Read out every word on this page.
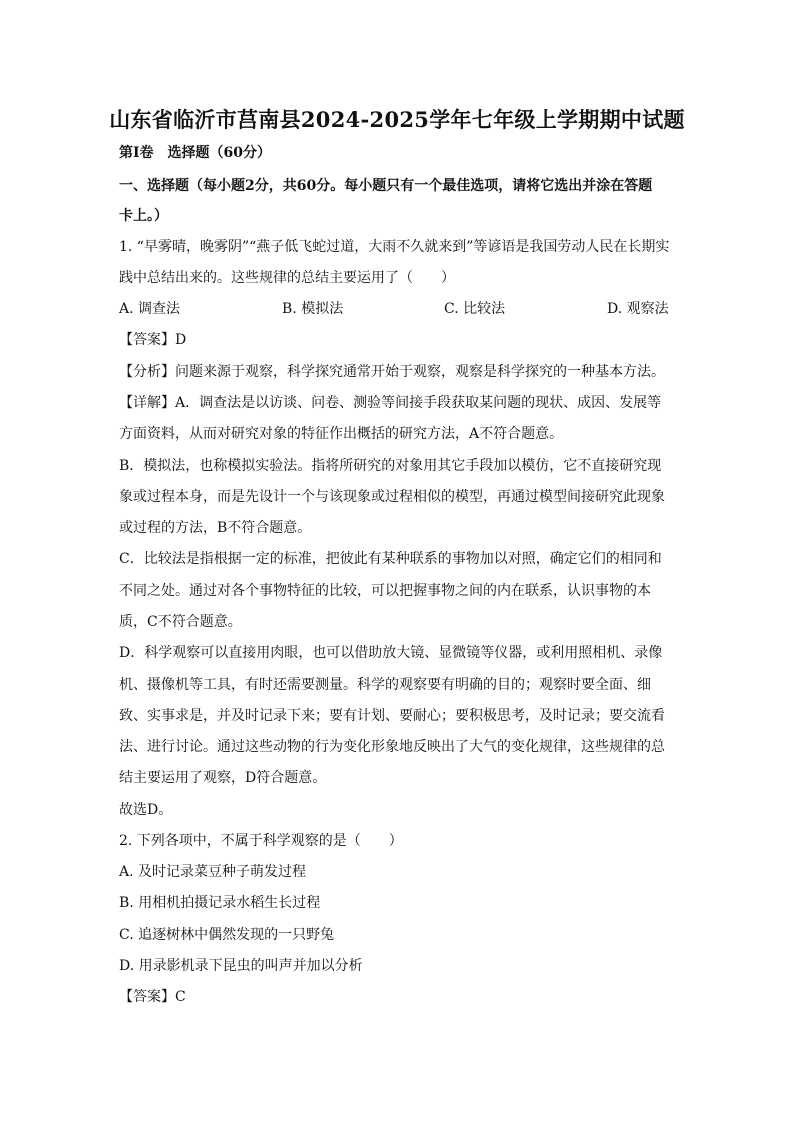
山东省临沂市莒南县2024-2025学年七年级上学期期中试题
第Ⅰ卷　选择题（60分）
一、选择题（每小题2分，共60分。每小题只有一个最佳选项，请将它选出并涂在答题
卡上。）
1. “早雾晴，晚雾阴”“燕子低飞蛇过道，大雨不久就来到”等谚语是我国劳动人民在长期实
践中总结出来的。这些规律的总结主要运用了（　　）
A. 调查法	B. 模拟法	C. 比较法	D. 观察法
【答案】D
【分析】问题来源于观察，科学探究通常开始于观察，观察是科学探究的一种基本方法。
【详解】A．调查法是以访谈、问卷、测验等间接手段获取某问题的现状、成因、发展等
方面资料，从而对研究对象的特征作出概括的研究方法，A不符合题意。
B．模拟法，也称模拟实验法。指将所研究的对象用其它手段加以模仿，它不直接研究现
象或过程本身，而是先设计一个与该现象或过程相似的模型，再通过模型间接研究此现象
或过程的方法，B不符合题意。
C．比较法是指根据一定的标准，把彼此有某种联系的事物加以对照，确定它们的相同和
不同之处。通过对各个事物特征的比较，可以把握事物之间的内在联系，认识事物的本
质，C不符合题意。
D．科学观察可以直接用肉眼，也可以借助放大镜、显微镜等仪器，或利用照相机、录像
机、摄像机等工具，有时还需要测量。科学的观察要有明确的目的；观察时要全面、细
致、实事求是，并及时记录下来；要有计划、要耐心；要积极思考，及时记录；要交流看
法、进行讨论。通过这些动物的行为变化形象地反映出了大气的变化规律，这些规律的总
结主要运用了观察，D符合题意。
故选D。
2. 下列各项中，不属于科学观察的是（　　）
A. 及时记录菜豆种子萌发过程
B. 用相机拍摄记录水稻生长过程
C. 追逐树林中偶然发现的一只野兔
D. 用录影机录下昆虫的叫声并加以分析
【答案】C
